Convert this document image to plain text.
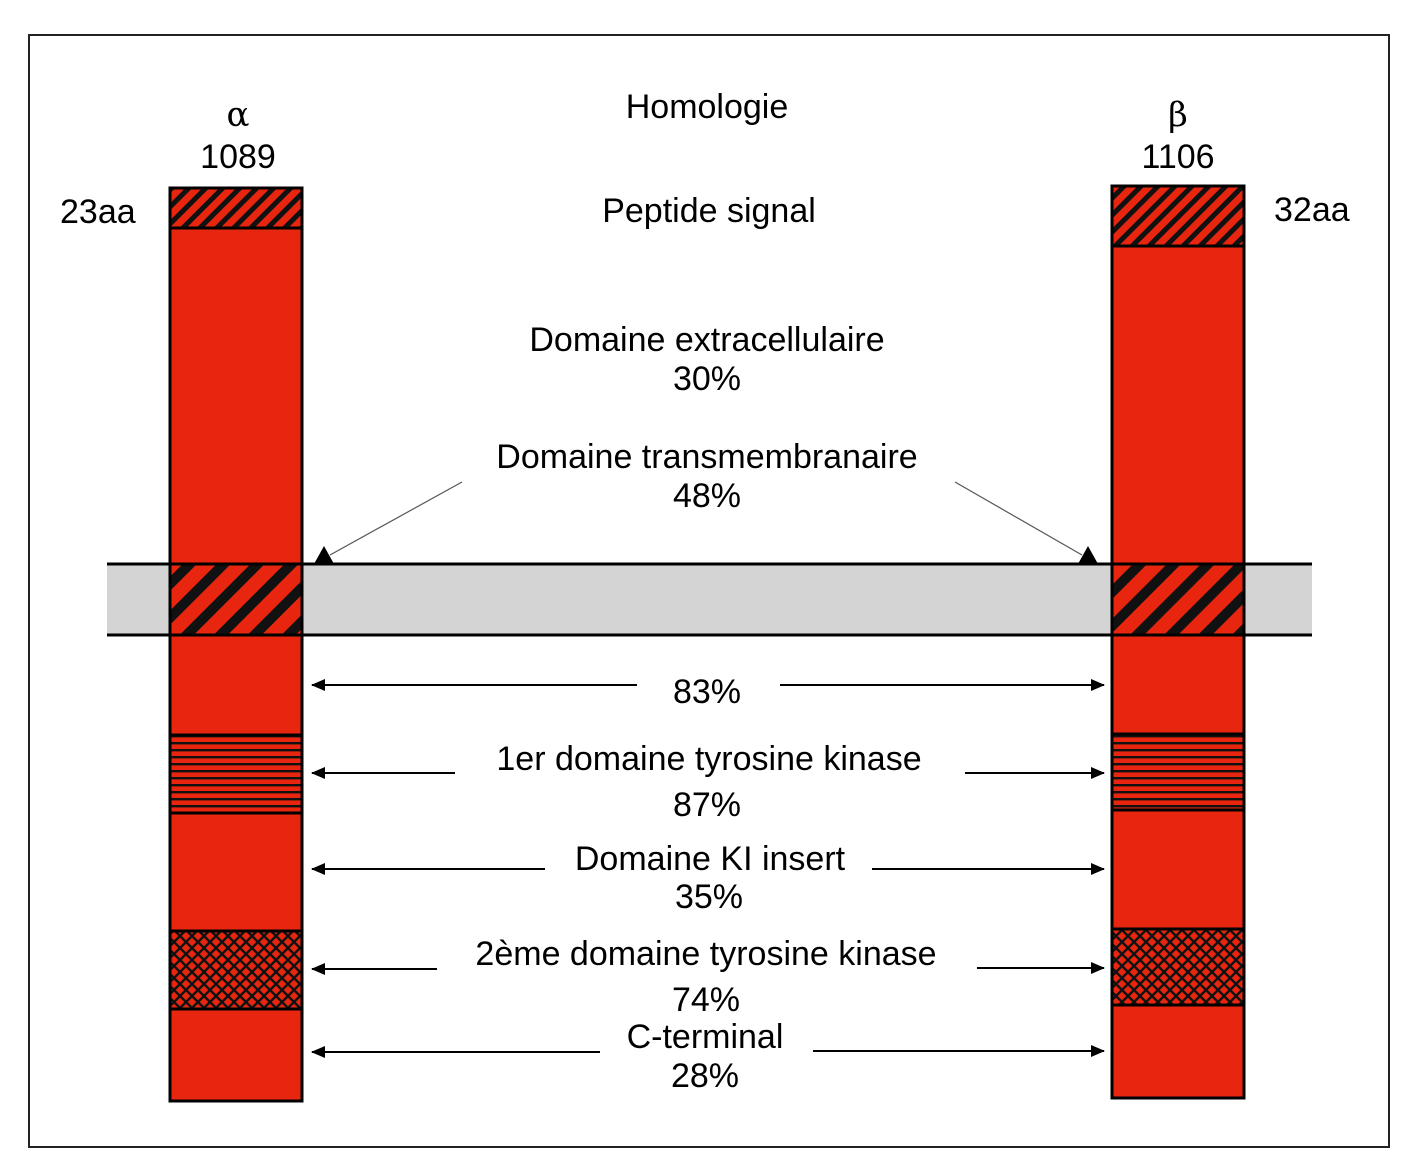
Homologie
α
1089
23aa
β
1106
32aa
Peptide signal
Domaine extracellulaire
30%
Domaine transmembranaire
48%
83%
1er domaine tyrosine kinase
87%
Domaine KI insert
35%
2ème domaine tyrosine kinase
74%
C-terminal
28%
